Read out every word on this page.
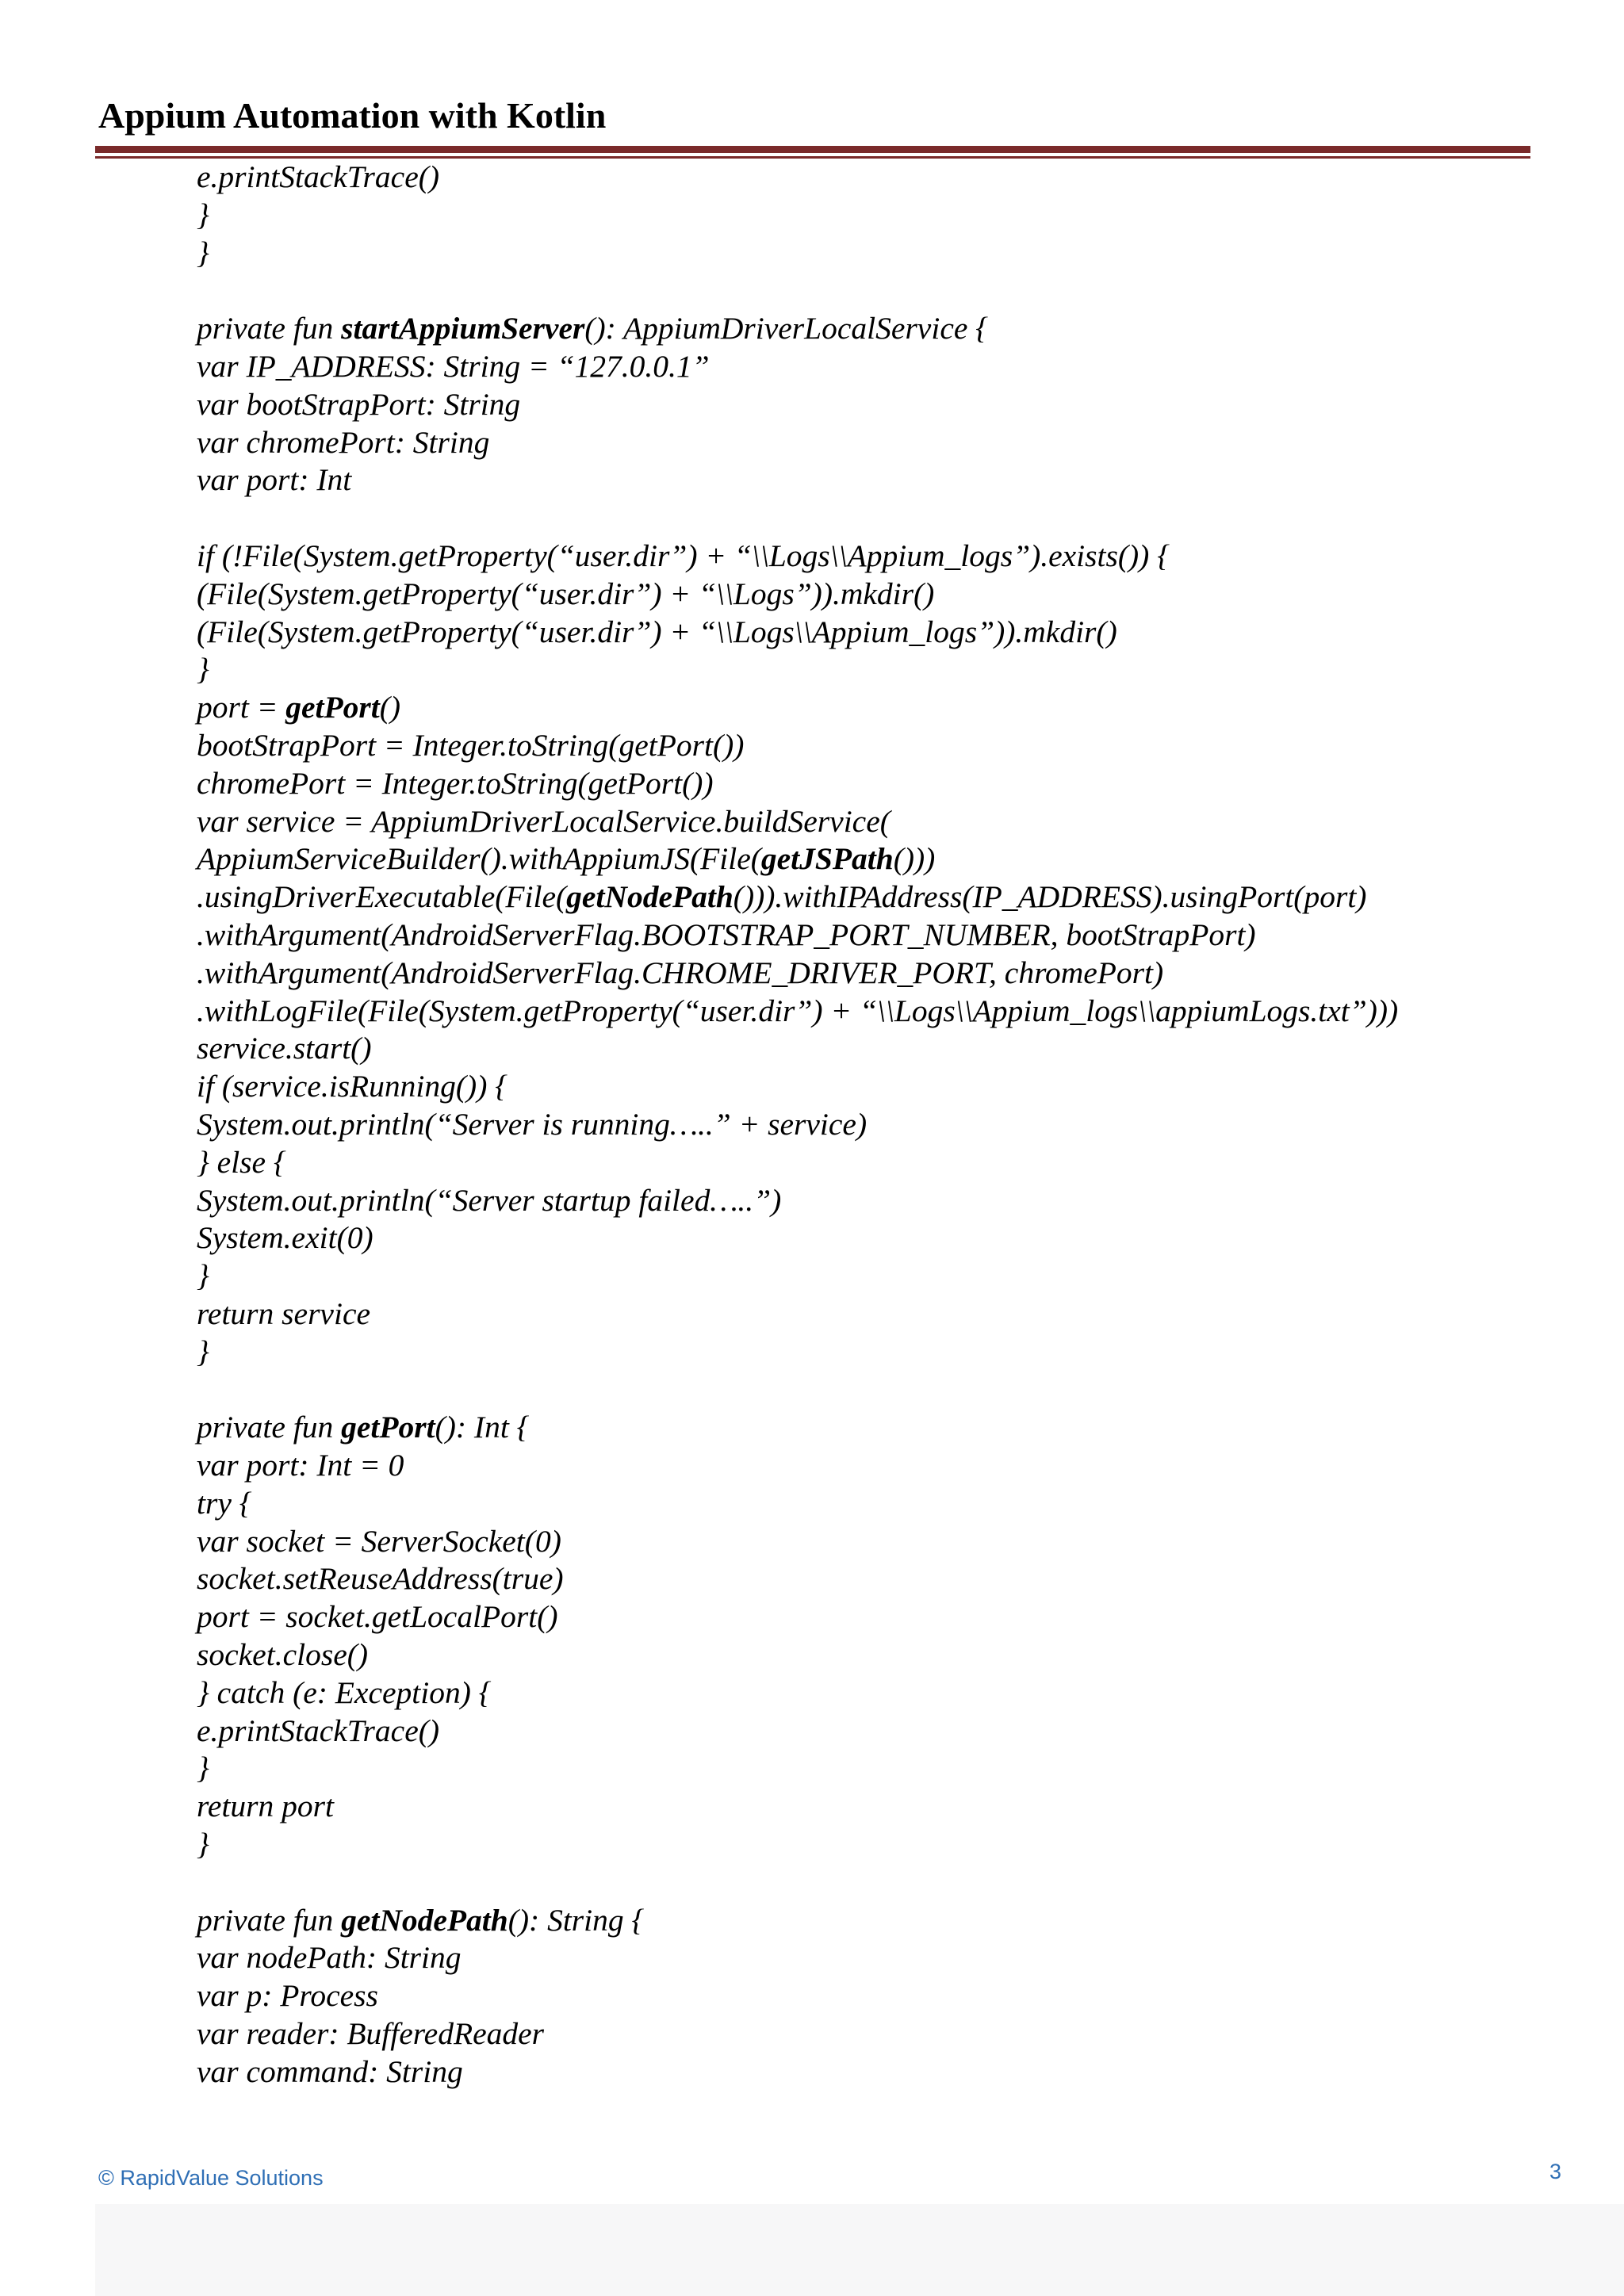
Appium Automation with Kotlin
e.printStackTrace()
}
}
private fun startAppiumServer(): AppiumDriverLocalService {
var IP_ADDRESS: String = “127.0.0.1”
var bootStrapPort: String
var chromePort: String
var port: Int
if (!File(System.getProperty(“user.dir”) + “\\Logs\\Appium_logs”).exists()) {
(File(System.getProperty(“user.dir”) + “\\Logs”)).mkdir()
(File(System.getProperty(“user.dir”) + “\\Logs\\Appium_logs”)).mkdir()
}
port = getPort()
bootStrapPort = Integer.toString(getPort())
chromePort = Integer.toString(getPort())
var service = AppiumDriverLocalService.buildService(
AppiumServiceBuilder().withAppiumJS(File(getJSPath()))
.usingDriverExecutable(File(getNodePath())).withIPAddress(IP_ADDRESS).usingPort(port)
.withArgument(AndroidServerFlag.BOOTSTRAP_PORT_NUMBER, bootStrapPort)
.withArgument(AndroidServerFlag.CHROME_DRIVER_PORT, chromePort)
.withLogFile(File(System.getProperty(“user.dir”) + “\\Logs\\Appium_logs\\appiumLogs.txt”)))
service.start()
if (service.isRunning()) {
System.out.println(“Server is running…..” + service)
} else {
System.out.println(“Server startup failed…..”)
System.exit(0)
}
return service
}
private fun getPort(): Int {
var port: Int = 0
try {
var socket = ServerSocket(0)
socket.setReuseAddress(true)
port = socket.getLocalPort()
socket.close()
} catch (e: Exception) {
e.printStackTrace()
}
return port
}
private fun getNodePath(): String {
var nodePath: String
var p: Process
var reader: BufferedReader
var command: String
© RapidValue Solutions	3
